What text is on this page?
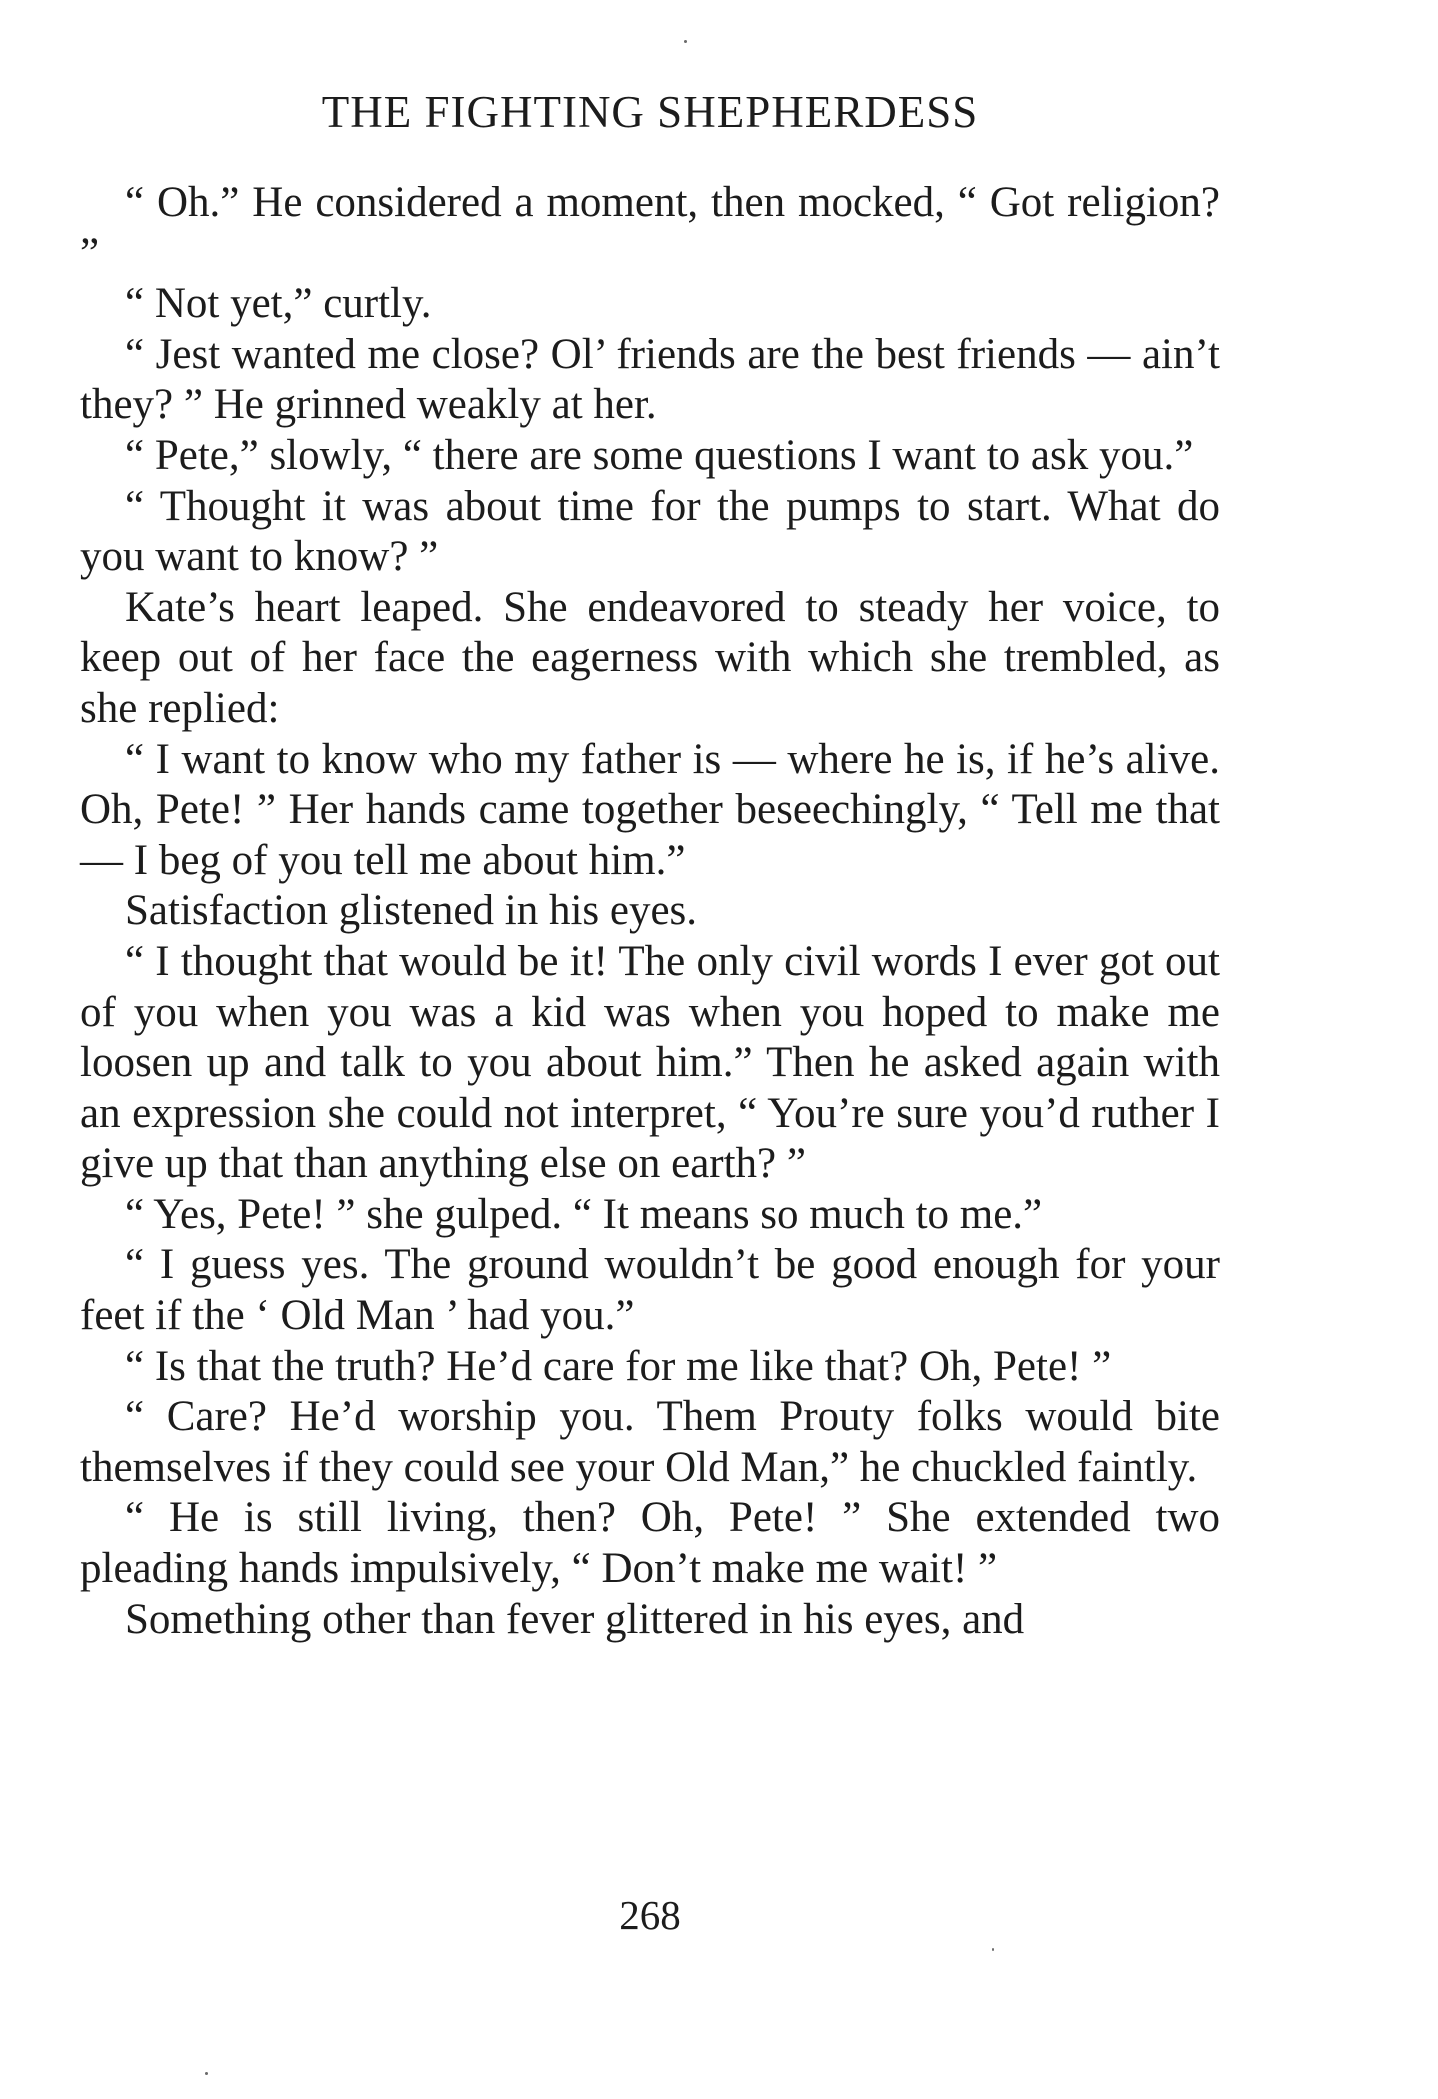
THE FIGHTING SHEPHERDESS

“ Oh.” He considered a moment, then mocked, “ Got religion? ”

“ Not yet,” curtly.

“ Jest wanted me close? Ol’ friends are the best friends — ain’t they? ” He grinned weakly at her.

“ Pete,” slowly, “ there are some questions I want to ask you.”

“ Thought it was about time for the pumps to start. What do you want to know? ”

Kate’s heart leaped. She endeavored to steady her voice, to keep out of her face the eagerness with which she trembled, as she replied:

“ I want to know who my father is — where he is, if he’s alive. Oh, Pete! ” Her hands came together beseechingly, “ Tell me that — I beg of you tell me about him.”

Satisfaction glistened in his eyes.

“ I thought that would be it! The only civil words I ever got out of you when you was a kid was when you hoped to make me loosen up and talk to you about him.” Then he asked again with an expression she could not interpret, “ You’re sure you’d ruther I give up that than anything else on earth? ”

“ Yes, Pete! ” she gulped. “ It means so much to me.”

“ I guess yes. The ground wouldn’t be good enough for your feet if the ‘ Old Man ’ had you.”

“ Is that the truth? He’d care for me like that? Oh, Pete! ”

“ Care? He’d worship you. Them Prouty folks would bite themselves if they could see your Old Man,” he chuckled faintly.

“ He is still living, then? Oh, Pete! ” She extended two pleading hands impulsively, “ Don’t make me wait! ”

Something other than fever glittered in his eyes, and

268
